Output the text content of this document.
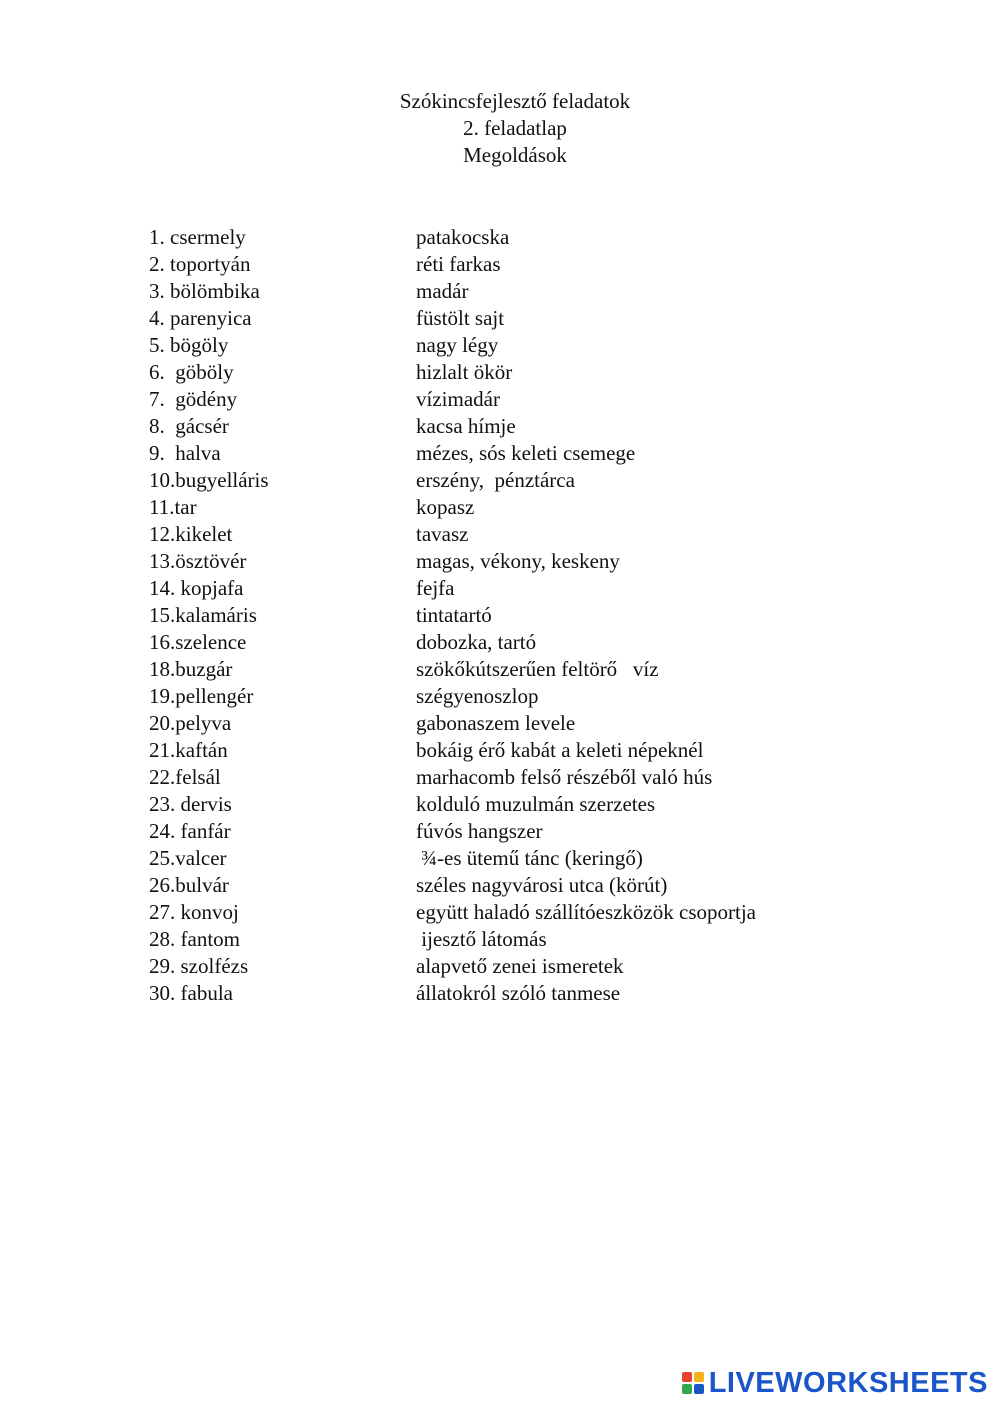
Szókincsfejlesztő feladatok
2. feladatlap
Megoldások
1. csermely	patakocska
2. toportyán	réti farkas
3. bölömbika	madár
4. parenyica	füstölt sajt
5. bögöly	nagy légy
6.  göböly	hizlalt ökör
7.  gödény	vízimadár
8.  gácsér	kacsa hímje
9.  halva	mézes, sós keleti csemege
10.bugyelláris	erszény,  pénztárca
11.tar	kopasz
12.kikelet	tavasz
13.ösztövér	magas, vékony, keskeny
14. kopjafa	fejfa
15.kalamáris	tintatartó
16.szelence	dobozka, tartó
18.buzgár	szökőkútszerűen feltörő   víz
19.pellengér	szégyenoszlop
20.pelyva	gabonaszem levele
21.kaftán	bokáig érő kabát a keleti népeknél
22.felsál	marhacomb felső részéből való hús
23. dervis	kolduló muzulmán szerzetes
24. fanfár	fúvós hangszer
25.valcer	¾-es ütemű tánc (keringő)
26.bulvár	széles nagyvárosi utca (körút)
27. konvoj	együtt haladó szállítóeszközök csoportja
28. fantom	ijesztő látomás
29. szolfézs	alapvető zenei ismeretek
30. fabula	állatokról szóló tanmese
LIVEWORKSHEETS
